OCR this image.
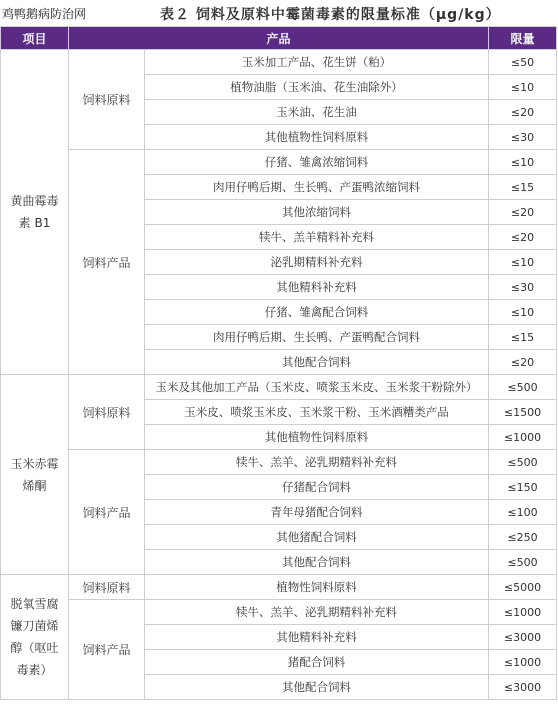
鸡鸭鹅病防治网	表２ 饲料及原料中霉菌毒素的限量标准（μg/kg）
项目	产品		限量
黄曲霉毒
素 B1	饲料原料	玉米加工产品、花生饼（粕）	≤50
		植物油脂（玉米油、花生油除外）	≤10
		玉米油、花生油	≤20
		其他植物性饲料原料	≤30
	饲料产品	仔猪、雏禽浓缩饲料	≤10
		肉用仔鸭后期、生长鸭、产蛋鸭浓缩饲料	≤15
		其他浓缩饲料	≤20
		犊牛、羔羊精料补充料	≤20
		泌乳期精料补充料	≤10
		其他精料补充料	≤30
		仔猪、雏禽配合饲料	≤10
		肉用仔鸭后期、生长鸭、产蛋鸭配合饲料	≤15
		其他配合饲料	≤20
玉米赤霉
烯酮	饲料原料	玉米及其他加工产品（玉米皮、喷浆玉米皮、玉米浆干粉除外）	≤500
		玉米皮、喷浆玉米皮、玉米浆干粉、玉米酒糟类产品	≤1500
		其他植物性饲料原料	≤1000
	饲料产品	犊牛、羔羊、泌乳期精料补充料	≤500
		仔猪配合饲料	≤150
		青年母猪配合饲料	≤100
		其他猪配合饲料	≤250
		其他配合饲料	≤500
脱氧雪腐
镰刀菌烯
醇（呕吐
毒素）	饲料原料	植物性饲料原料	≤5000
	饲料产品	犊牛、羔羊、泌乳期精料补充料	≤1000
		其他精料补充料	≤3000
		猪配合饲料	≤1000
		其他配合饲料	≤3000
